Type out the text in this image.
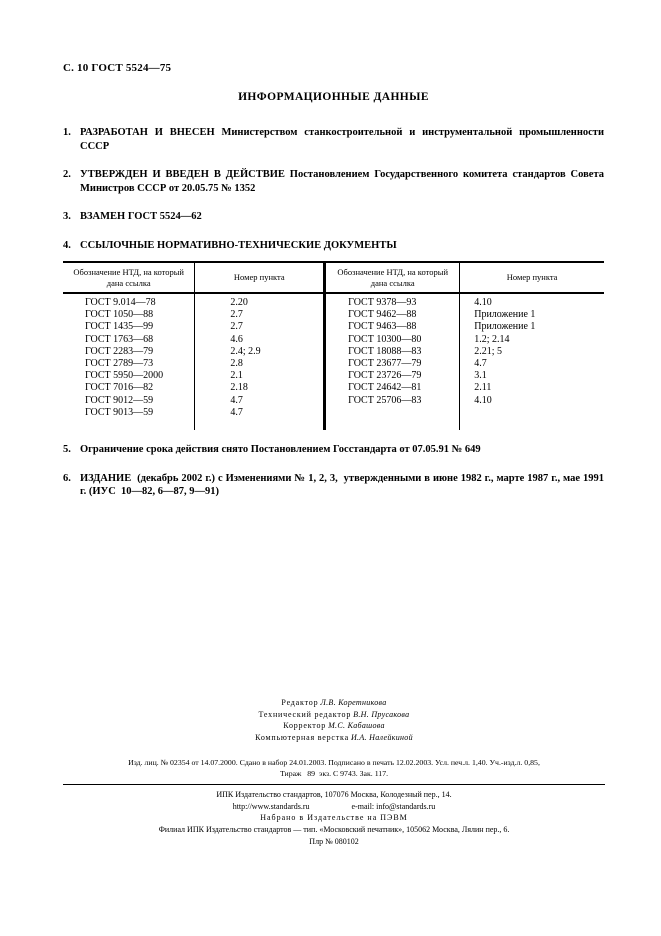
С. 10 ГОСТ 5524—75
ИНФОРМАЦИОННЫЕ ДАННЫЕ
1. РАЗРАБОТАН И ВНЕСЕН Министерством станкостроительной и инструментальной промышленности СССР
2. УТВЕРЖДЕН И ВВЕДЕН В ДЕЙСТВИЕ Постановлением Государственного комитета стандартов Совета Министров СССР от 20.05.75 № 1352
3. ВЗАМЕН ГОСТ 5524—62
4. ССЫЛОЧНЫЕ НОРМАТИВНО-ТЕХНИЧЕСКИЕ ДОКУМЕНТЫ
Обозначение НТД, на который дана ссылка	Номер пункта	Обозначение НТД, на который дана ссылка	Номер пункта
ГОСТ 9.014—78	2.20	ГОСТ 9378—93	4.10
ГОСТ 1050—88	2.7	ГОСТ 9462—88	Приложение 1
ГОСТ 1435—99	2.7	ГОСТ 9463—88	Приложение 1
ГОСТ 1763—68	4.6	ГОСТ 10300—80	1.2; 2.14
ГОСТ 2283—79	2.4; 2.9	ГОСТ 18088—83	2.21; 5
ГОСТ 2789—73	2.8	ГОСТ 23677—79	4.7
ГОСТ 5950—2000	2.1	ГОСТ 23726—79	3.1
ГОСТ 7016—82	2.18	ГОСТ 24642—81	2.11
ГОСТ 9012—59	4.7	ГОСТ 25706—83	4.10
ГОСТ 9013—59	4.7		
5. Ограничение срока действия снято Постановлением Госстандарта от 07.05.91 № 649
6. ИЗДАНИЕ  (декабрь 2002 г.) с Изменениями № 1, 2, 3,  утвержденными в июне 1982 г., марте 1987 г., мае 1991 г. (ИУС  10—82, 6—87, 9—91)
Редактор Л.В. Коретникова
Технический редактор В.Н. Прусакова
Корректор М.С. Кабашова
Компьютерная верстка И.А. Налейкиной
Изд. лиц. № 02354 от 14.07.2000. Сдано в набор 24.01.2003. Подписано в печать 12.02.2003. Усл. печ.л. 1,40. Уч.-изд.л. 0,85,
Тираж   89  экз. С 9743. Зак. 117.
ИПК Издательство стандартов, 107076 Москва, Колодезный пер., 14.
http://www.standards.ru	e-mail: info@standards.ru
Набрано в Издательстве на ПЭВМ
Филиал ИПК Издательство стандартов — тип. «Московский печатник», 105062 Москва, Лялин пер., 6.
Плр № 080102
